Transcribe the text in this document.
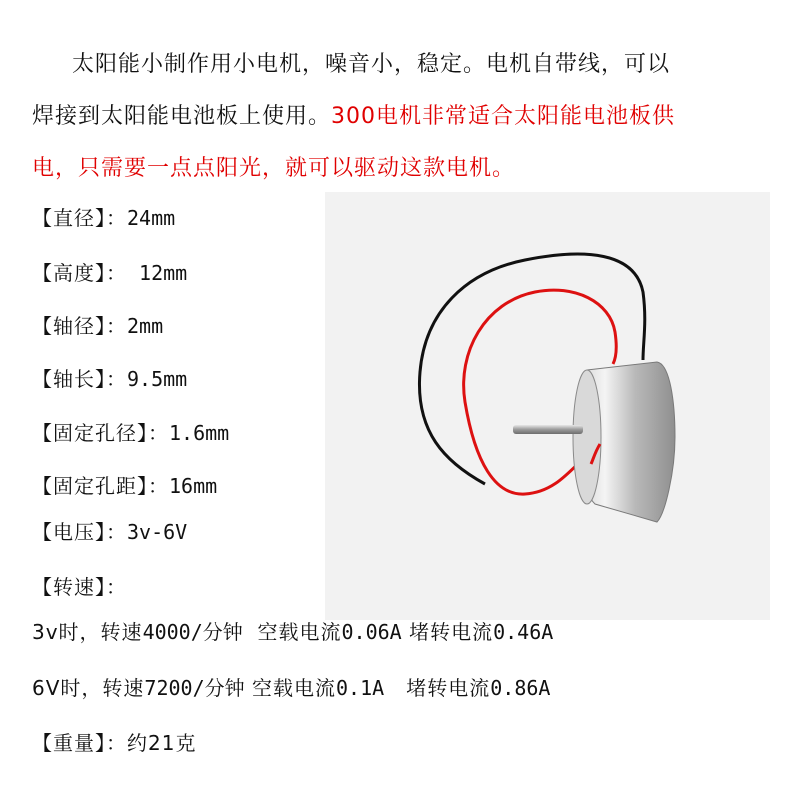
太阳能小制作用小电机，噪音小，稳定。电机自带线，可以
焊接到太阳能电池板上使用。300电机非常适合太阳能电池板供
电，只需要一点点阳光，就可以驱动这款电机。
【直径】：24mm
【高度】： 12mm
【轴径】：2mm
【轴长】：9.5mm
【固定孔径】：1.6mm
【固定孔距】：16mm
【电压】：3v-6V
【转速】：
3v时，转速4000/分钟  空载电流0.06A 堵转电流0.46A
6V时，转速7200/分钟 空载电流0.1A   堵转电流0.86A
【重量】：约21克
